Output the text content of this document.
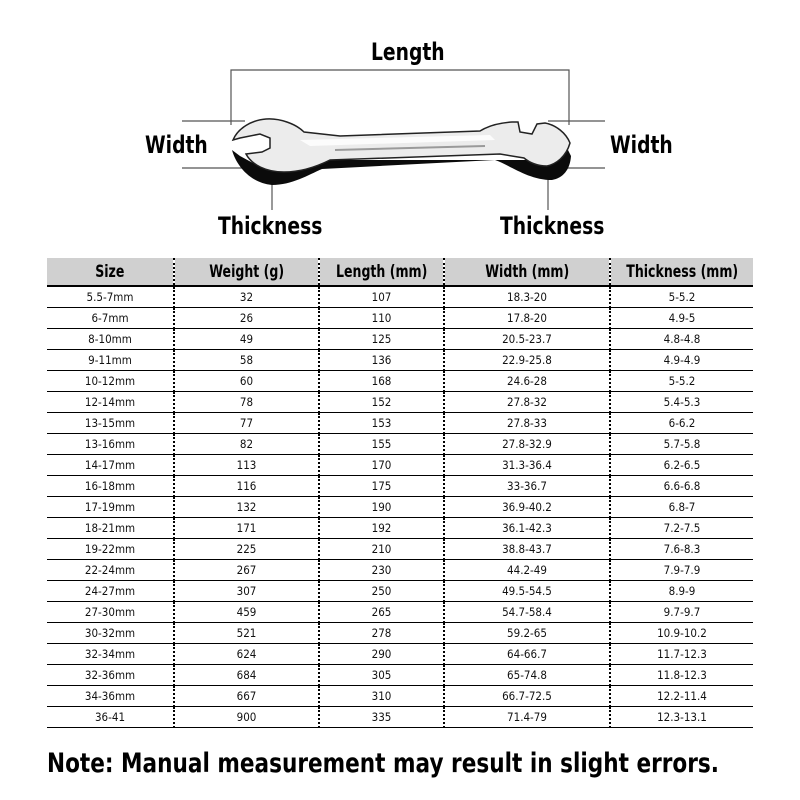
Length
Width	Width
Thickness	Thickness
Size	Weight (g)	Length (mm)	Width (mm)	Thickness (mm)
5.5-7mm	32	107	18.3-20	5-5.2
6-7mm	26	110	17.8-20	4.9-5
8-10mm	49	125	20.5-23.7	4.8-4.8
9-11mm	58	136	22.9-25.8	4.9-4.9
10-12mm	60	168	24.6-28	5-5.2
12-14mm	78	152	27.8-32	5.4-5.3
13-15mm	77	153	27.8-33	6-6.2
13-16mm	82	155	27.8-32.9	5.7-5.8
14-17mm	113	170	31.3-36.4	6.2-6.5
16-18mm	116	175	33-36.7	6.6-6.8
17-19mm	132	190	36.9-40.2	6.8-7
18-21mm	171	192	36.1-42.3	7.2-7.5
19-22mm	225	210	38.8-43.7	7.6-8.3
22-24mm	267	230	44.2-49	7.9-7.9
24-27mm	307	250	49.5-54.5	8.9-9
27-30mm	459	265	54.7-58.4	9.7-9.7
30-32mm	521	278	59.2-65	10.9-10.2
32-34mm	624	290	64-66.7	11.7-12.3
32-36mm	684	305	65-74.8	11.8-12.3
34-36mm	667	310	66.7-72.5	12.2-11.4
36-41	900	335	71.4-79	12.3-13.1
Note: Manual measurement may result in slight errors.
